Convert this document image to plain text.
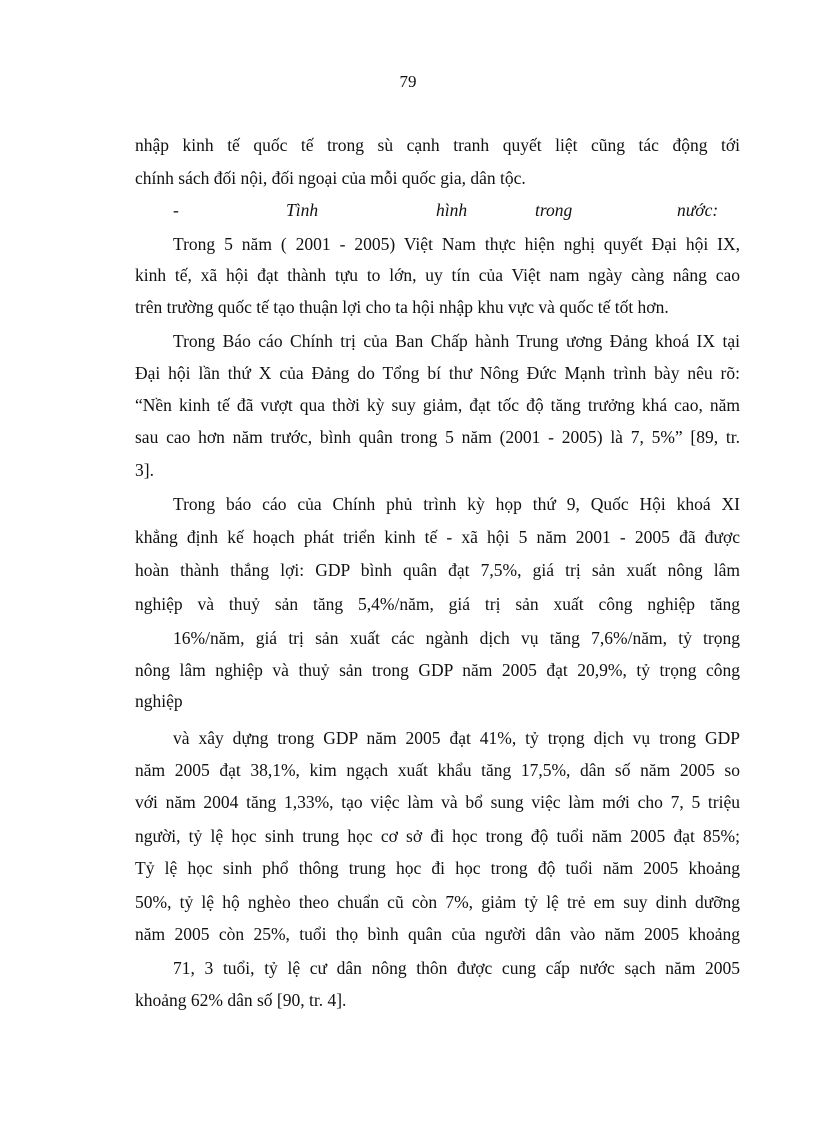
79
nhập kinh tế quốc tế trong sù cạnh tranh quyết liệt cũng tác động tới
chính sách đối nội, đối ngoại của mỗi quốc gia, dân tộc.
-	Tình	hình	trong	nước:
Trong 5 năm ( 2001 - 2005) Việt Nam thực hiện nghị quyết Đại hội IX,
kinh tế, xã hội đạt thành tựu to lớn, uy tín của Việt nam ngày càng nâng cao
trên trường quốc tế tạo thuận lợi cho ta hội nhập khu vực và quốc tế tốt hơn.
Trong Báo cáo Chính trị của Ban Chấp hành Trung ương Đảng khoá IX tại
Đại hội lần thứ X của Đảng do Tổng bí thư Nông Đức Mạnh trình bày nêu rõ:
“Nền kinh tế đã vượt qua thời kỳ suy giảm, đạt tốc độ tăng trưởng khá cao, năm
sau cao hơn năm trước, bình quân trong 5 năm (2001 - 2005) là 7, 5%” [89, tr.
3].
Trong báo cáo của Chính phủ trình kỳ họp thứ 9, Quốc Hội khoá XI
khẳng định kế hoạch phát triển kinh tế - xã hội 5 năm 2001 - 2005 đã được
hoàn thành thắng lợi: GDP bình quân đạt 7,5%, giá trị sản xuất nông lâm
nghiệp và thuỷ sản tăng 5,4%/năm, giá trị sản xuất công nghiệp tăng
16%/năm, giá trị sản xuất các ngành dịch vụ tăng 7,6%/năm, tỷ trọng
nông lâm nghiệp và thuỷ sản trong GDP năm 2005 đạt 20,9%, tỷ trọng công
nghiệp
và xây dựng trong GDP năm 2005 đạt 41%, tỷ trọng dịch vụ trong GDP
năm 2005 đạt 38,1%, kim ngạch xuất khẩu tăng 17,5%, dân số năm 2005 so
với năm 2004 tăng 1,33%, tạo việc làm và bổ sung việc làm mới cho 7, 5 triệu
người, tỷ lệ học sinh trung học cơ sở đi học trong độ tuổi năm 2005 đạt 85%;
Tỷ lệ học sinh phổ thông trung học đi học trong độ tuổi năm 2005 khoảng
50%, tỷ lệ hộ nghèo theo chuẩn cũ còn 7%, giảm tỷ lệ trẻ em suy dinh dưỡng
năm 2005 còn 25%, tuổi thọ bình quân của người dân vào năm 2005 khoảng
71, 3 tuổi, tỷ lệ cư dân nông thôn được cung cấp nước sạch năm 2005
khoảng 62% dân số [90, tr. 4].
